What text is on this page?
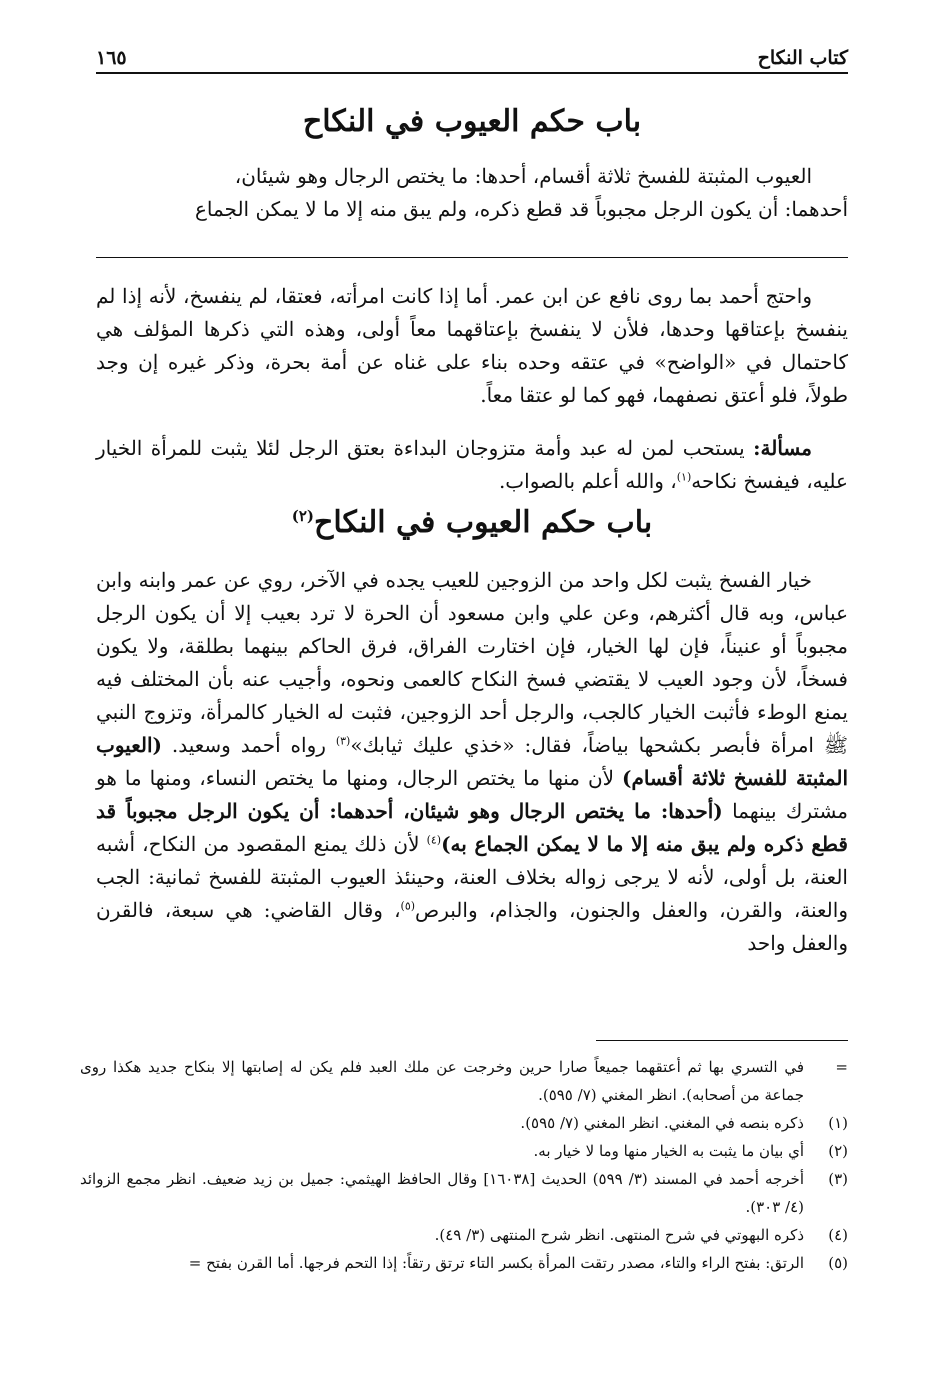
كتاب النكاح
١٦٥
باب حكم العيوب في النكاح

العيوب المثبتة للفسخ ثلاثة أقسام، أحدها: ما يختص الرجال وهو شيئان،

أحدهما: أن يكون الرجل مجبوباً قد قطع ذكره، ولم يبق منه إلا ما لا يمكن الجماع

واحتج أحمد بما روى نافع عن ابن عمر. أما إذا كانت امرأته، فعتقا، لم ينفسخ، لأنه إذا لم ينفسخ بإعتاقها وحدها، فلأن لا ينفسخ بإعتاقهما معاً أولى، وهذه التي ذكرها المؤلف هي كاحتمال في «الواضح» في عتقه وحده بناء على غناه عن أمة بحرة، وذكر غيره إن وجد طولاً، فلو أعتق نصفهما، فهو كما لو عتقا معاً.

مسألة: يستحب لمن له عبد وأمة متزوجان البداءة بعتق الرجل لئلا يثبت للمرأة الخيار عليه، فيفسخ نكاحه$^{(١)}$، والله أعلم بالصواب.

باب حكم العيوب في النكاح$^{(٢)}$

خيار الفسخ يثبت لكل واحد من الزوجين للعيب يجده في الآخر، روي عن عمر وابنه وابن عباس، وبه قال أكثرهم، وعن علي وابن مسعود أن الحرة لا ترد بعيب إلا أن يكون الرجل مجبوباً أو عنيناً، فإن لها الخيار، فإن اختارت الفراق، فرق الحاكم بينهما بطلقة، ولا يكون فسخاً، لأن وجود العيب لا يقتضي فسخ النكاح كالعمى ونحوه، وأجيب عنه بأن المختلف فيه يمنع الوطء فأثبت الخيار كالجب، والرجل أحد الزوجين، فثبت له الخيار كالمرأة، وتزوج النبي ﷺ امرأة فأبصر بكشحها بياضاً، فقال: «خذي عليك ثيابك»$^{(٣)}$ رواه أحمد وسعيد. (العيوب المثبتة للفسخ ثلاثة أقسام) لأن منها ما يختص الرجال، ومنها ما يختص النساء، ومنها ما هو مشترك بينهما (أحدها: ما يختص الرجال وهو شيئان، أحدهما: أن يكون الرجل مجبوباً قد قطع ذكره ولم يبق منه إلا ما لا يمكن الجماع به)$^{(٤)}$ لأن ذلك يمنع المقصود من النكاح، أشبه العنة، بل أولى، لأنه لا يرجى زواله بخلاف العنة، وحينئذ العيوب المثبتة للفسخ ثمانية: الجب والعنة، والقرن، والعفل والجنون، والجذام، والبرص$^{(٥)}$، وقال القاضي: هي سبعة، فالقرن والعفل واحد

=
في التسري بها ثم أعتقهما جميعاً صارا حرين وخرجت عن ملك العبد فلم يكن له إصابتها إلا بنكاح جديد هكذا روى جماعة من أصحابه). انظر المغني (٧/ ٥٩٥).
(١)
ذكره بنصه في المغني. انظر المغني (٧/ ٥٩٥).
(٢)
أي بيان ما يثبت به الخيار منها وما لا خيار به.
(٣)
أخرجه أحمد في المسند (٣/ ٥٩٩) الحديث [١٦٠٣٨] وقال الحافظ الهيثمي: جميل بن زيد ضعيف. انظر مجمع الزوائد (٤/ ٣٠٣).
(٤)
ذكره البهوتي في شرح المنتهى. انظر شرح المنتهى (٣/ ٤٩).
(٥)
الرتق: بفتح الراء والتاء، مصدر رتقت المرأة بكسر التاء ترتق رتقاً: إذا التحم فرجها. أما القرن بفتح =
